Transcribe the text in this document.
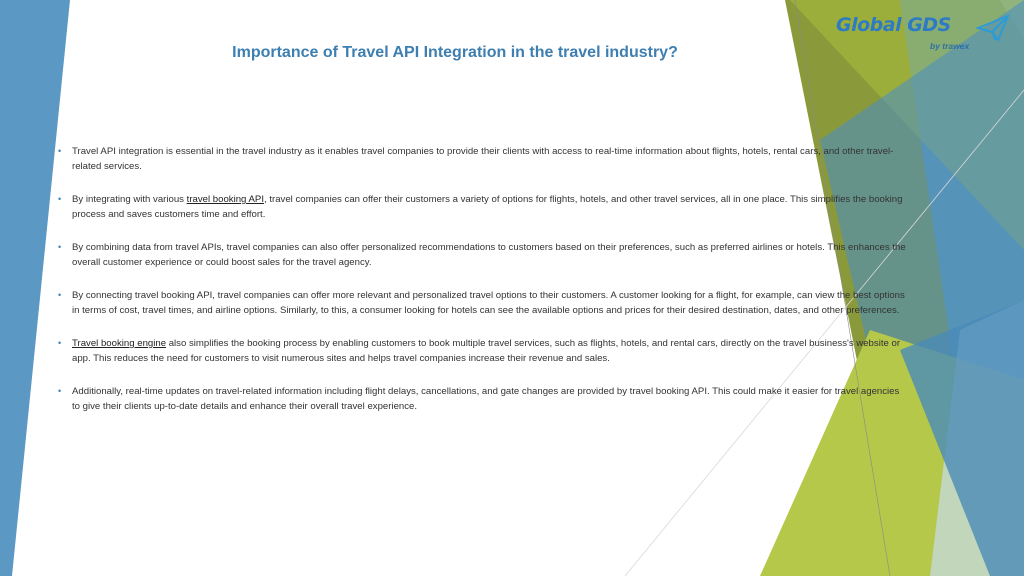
Importance of Travel API Integration in the travel industry?
Global GDS
by trawex
• Travel API integration is essential in the travel industry as it enables travel companies to provide their clients with access to real-time information about flights, hotels, rental cars, and other travel-related services.
• By integrating with various travel booking API, travel companies can offer their customers a variety of options for flights, hotels, and other travel services, all in one place. This simplifies the booking process and saves customers time and effort.
• By combining data from travel APIs, travel companies can also offer personalized recommendations to customers based on their preferences, such as preferred airlines or hotels. This enhances the overall customer experience or could boost sales for the travel agency.
• By connecting travel booking API, travel companies can offer more relevant and personalized travel options to their customers. A customer looking for a flight, for example, can view the best options in terms of cost, travel times, and airline options. Similarly, to this, a consumer looking for hotels can see the available options and prices for their desired destination, dates, and other preferences.
• Travel booking engine also simplifies the booking process by enabling customers to book multiple travel services, such as flights, hotels, and rental cars, directly on the travel business's website or app. This reduces the need for customers to visit numerous sites and helps travel companies increase their revenue and sales.
• Additionally, real-time updates on travel-related information including flight delays, cancellations, and gate changes are provided by travel booking API. This could make it easier for travel agencies to give their clients up-to-date details and enhance their overall travel experience.
